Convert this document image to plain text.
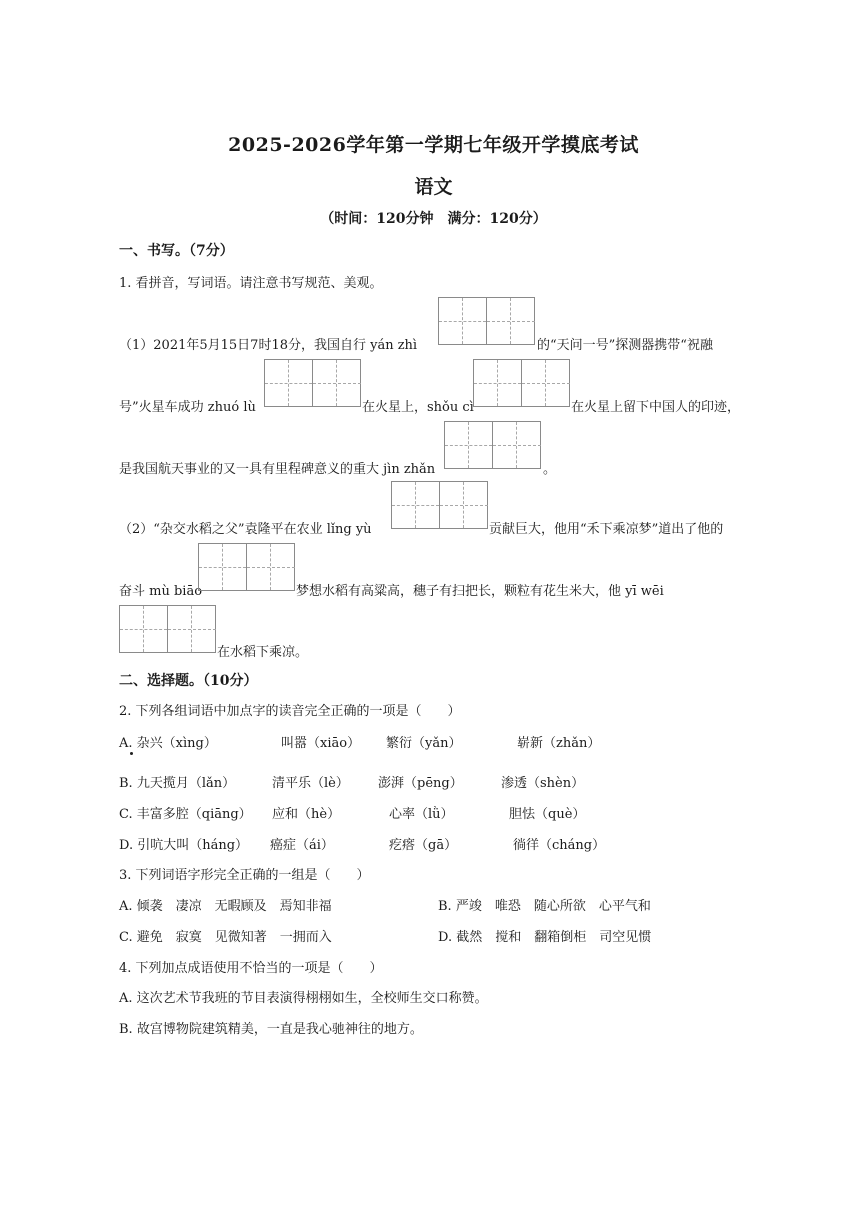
2025-2026学年第一学期七年级开学摸底考试
语文
（时间：120分钟　满分：120分）
一、书写。（7分）
1. 看拼音，写词语。请注意书写规范、美观。
（1）2021年5月15日7时18分，我国自行 yán zhì	的“天问一号”探测器携带“祝融
号”火星车成功 zhuó lù	在火星上，shǒu cì	在火星上留下中国人的印迹，
是我国航天事业的又一具有里程碑意义的重大 jìn zhǎn	。
（2）“杂交水稻之父”袁隆平在农业 lǐng yù	贡献巨大，他用“禾下乘凉梦”道出了他的
奋斗 mù biāo	梦想水稻有高粱高，穗子有扫把长，颗粒有花生米大，他 yī wēi
在水稻下乘凉。
二、选择题。（10分）
2. 下列各组词语中加点字的读音完全正确的一项是（　　）
A. 杂兴（xìng）	叫嚣（xiāo） 繁衍（yǎn）	崭新（zhǎn）
B. 九天揽月（lǎn）	清平乐（lè） 澎湃（pēng）	渗透（shèn）
C. 丰富多腔（qiāng） 应和（hè）	心率（lǜ）	胆怯（què）
D. 引吭大叫（háng） 癌症（ái）	疙瘩（gā）	徜徉（cháng）
3. 下列词语字形完全正确的一组是（　　）
A. 倾袭　凄凉　无暇顾及　焉知非福	B. 严竣　唯恐　随心所欲　心平气和
C. 避免　寂寞　见微知著　一拥而入	D. 截然　搅和　翻箱倒柜　司空见惯
4. 下列加点成语使用不恰当的一项是（　　）
A. 这次艺术节我班的节目表演得栩栩如生，全校师生交口称赞。
B. 故宫博物院建筑精美，一直是我心驰神往的地方。
